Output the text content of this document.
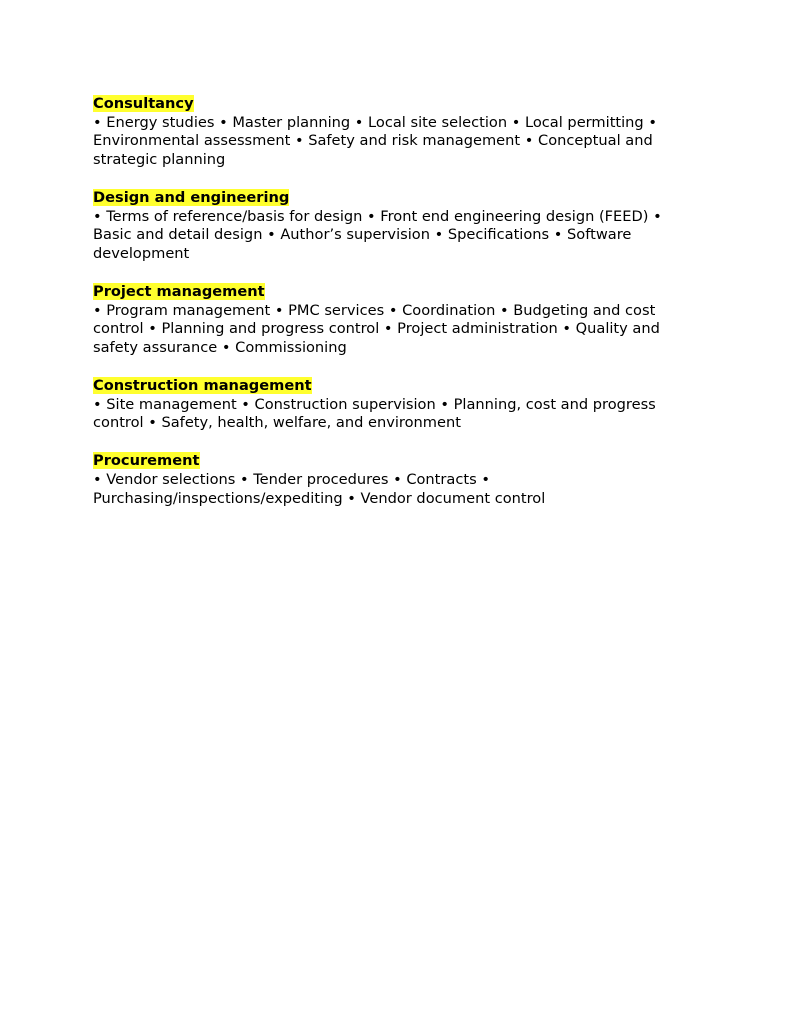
Consultancy

• Energy studies • Master planning • Local site selection • Local permitting • Environmental assessment • Safety and risk management • Conceptual and strategic planning

Design and engineering

• Terms of reference/basis for design • Front end engineering design (FEED) • Basic and detail design • Author’s supervision • Specifications • Software development

Project management

• Program management • PMC services • Coordination • Budgeting and cost control • Planning and progress control • Project administration • Quality and safety assurance • Commissioning

Construction management

• Site management • Construction supervision • Planning, cost and progress control • Safety, health, welfare, and environment

Procurement

• Vendor selections • Tender procedures • Contracts • Purchasing/inspections/expediting • Vendor document control
